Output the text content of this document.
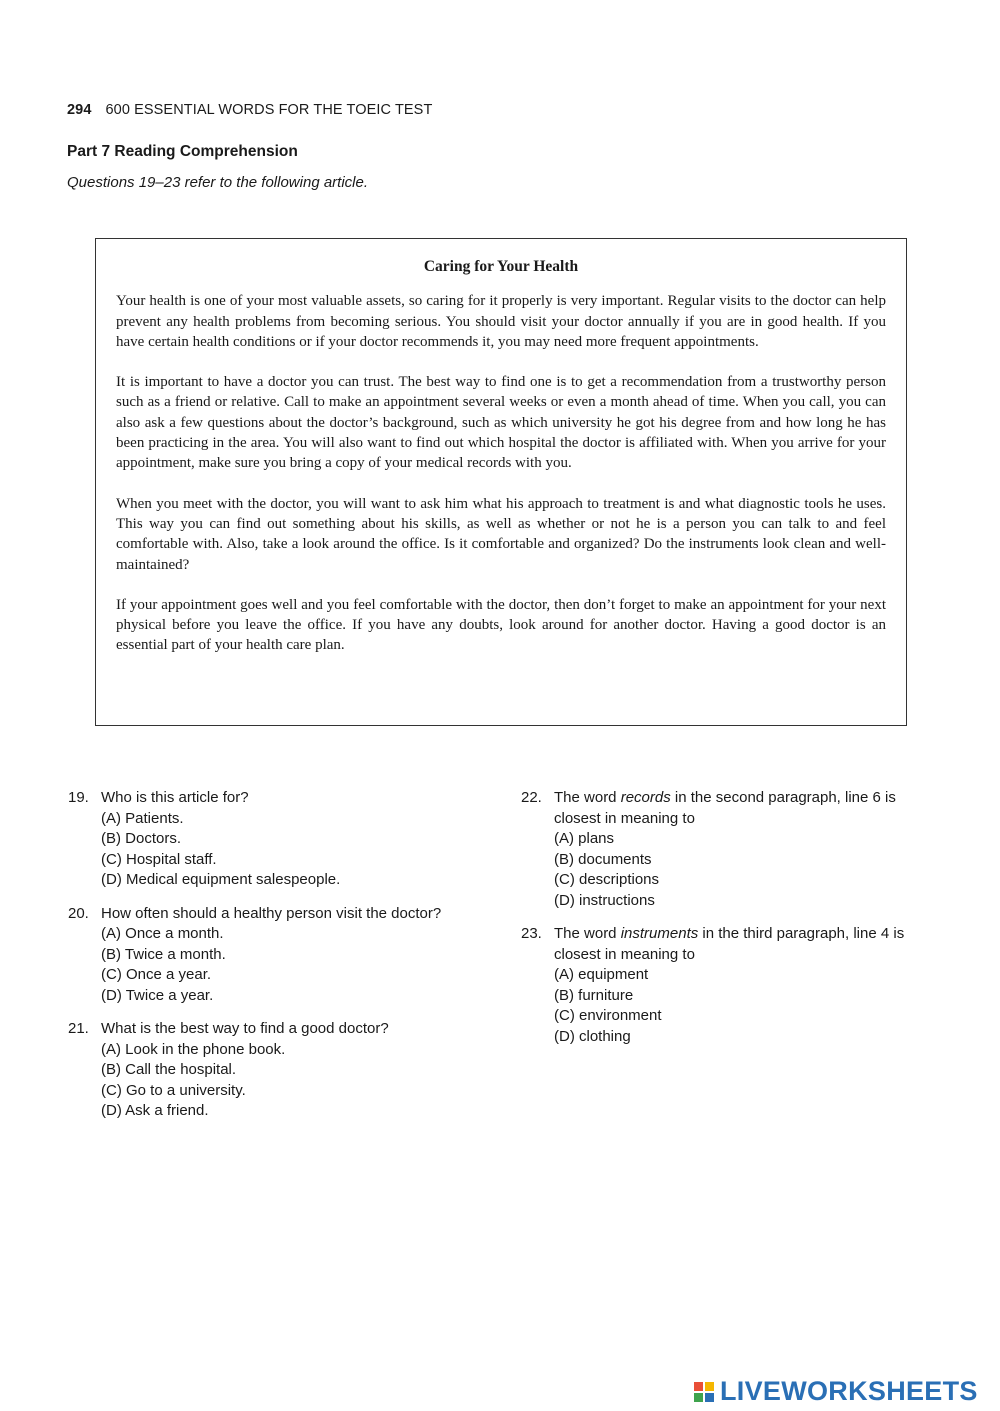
294 600 ESSENTIAL WORDS FOR THE TOEIC TEST
Part 7 Reading Comprehension
Questions 19–23 refer to the following article.
Caring for Your Health

Your health is one of your most valuable assets, so caring for it properly is very important. Regular visits to the doctor can help prevent any health problems from becoming serious. You should visit your doctor annually if you are in good health. If you have certain health conditions or if your doctor recommends it, you may need more frequent appointments.

It is important to have a doctor you can trust. The best way to find one is to get a recommendation from a trustworthy person such as a friend or relative. Call to make an appointment several weeks or even a month ahead of time. When you call, you can also ask a few questions about the doctor’s background, such as which university he got his degree from and how long he has been practicing in the area. You will also want to find out which hospital the doctor is affiliated with. When you arrive for your appointment, make sure you bring a copy of your medical records with you.

When you meet with the doctor, you will want to ask him what his approach to treatment is and what diagnostic tools he uses. This way you can find out something about his skills, as well as whether or not he is a person you can talk to and feel comfortable with. Also, take a look around the office. Is it comfortable and organized? Do the instruments look clean and well-maintained?

If your appointment goes well and you feel comfortable with the doctor, then don’t forget to make an appointment for your next physical before you leave the office. If you have any doubts, look around for another doctor. Having a good doctor is an essential part of your health care plan.

19. Who is this article for?
(A) Patients.
(B) Doctors.
(C) Hospital staff.
(D) Medical equipment salespeople.
20. How often should a healthy person visit the doctor?
(A) Once a month.
(B) Twice a month.
(C) Once a year.
(D) Twice a year.
21. What is the best way to find a good doctor?
(A) Look in the phone book.
(B) Call the hospital.
(C) Go to a university.
(D) Ask a friend.
22. The word records in the second paragraph, line 6 is closest in meaning to
(A) plans
(B) documents
(C) descriptions
(D) instructions
23. The word instruments in the third paragraph, line 4 is closest in meaning to
(A) equipment
(B) furniture
(C) environment
(D) clothing
LIVEWORKSHEETS
